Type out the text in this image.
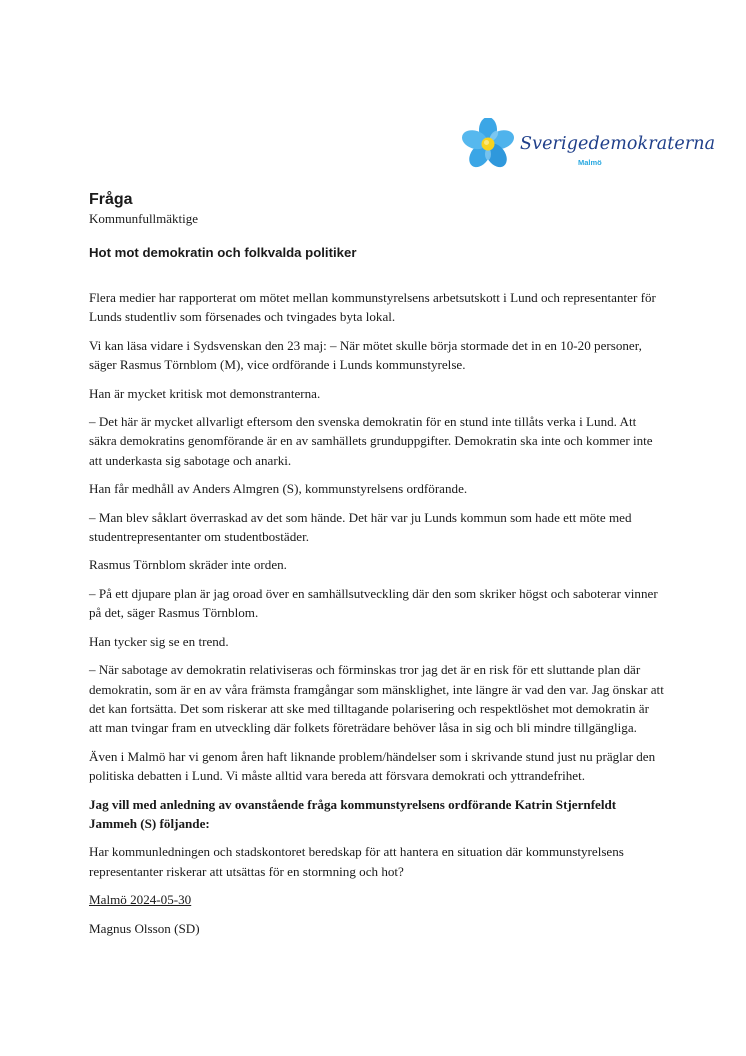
Sverigedemokraterna
Malmö
Fråga
Kommunfullmäktige
Hot mot demokratin och folkvalda politiker

Flera medier har rapporterat om mötet mellan kommunstyrelsens arbetsutskott i Lund och representanter för Lunds studentliv som försenades och tvingades byta lokal.

Vi kan läsa vidare i Sydsvenskan den 23 maj: – När mötet skulle börja stormade det in en 10-20 personer, säger Rasmus Törnblom (M), vice ordförande i Lunds kommunstyrelse.

Han är mycket kritisk mot demonstranterna.

– Det här är mycket allvarligt eftersom den svenska demokratin för en stund inte tillåts verka i Lund. Att säkra demokratins genomförande är en av samhällets grunduppgifter. Demokratin ska inte och kommer inte att underkasta sig sabotage och anarki.

Han får medhåll av Anders Almgren (S), kommunstyrelsens ordförande.

– Man blev såklart överraskad av det som hände. Det här var ju Lunds kommun som hade ett möte med studentrepresentanter om studentbostäder.

Rasmus Törnblom skräder inte orden.

– På ett djupare plan är jag oroad över en samhällsutveckling där den som skriker högst och saboterar vinner på det, säger Rasmus Törnblom.

Han tycker sig se en trend.

– När sabotage av demokratin relativiseras och förminskas tror jag det är en risk för ett sluttande plan där demokratin, som är en av våra främsta framgångar som mänsklighet, inte längre är vad den var. Jag önskar att det kan fortsätta. Det som riskerar att ske med tilltagande polarisering och respektlöshet mot demokratin är att man tvingar fram en utveckling där folkets företrädare behöver låsa in sig och bli mindre tillgängliga.

Även i Malmö har vi genom åren haft liknande problem/händelser som i skrivande stund just nu präglar den politiska debatten i Lund. Vi måste alltid vara bereda att försvara demokrati och yttrandefrihet.

Jag vill med anledning av ovanstående fråga kommunstyrelsens ordförande Katrin Stjernfeldt Jammeh (S) följande:

Har kommunledningen och stadskontoret beredskap för att hantera en situation där kommunstyrelsens representanter riskerar att utsättas för en stormning och hot?

Malmö 2024-05-30

Magnus Olsson (SD)
